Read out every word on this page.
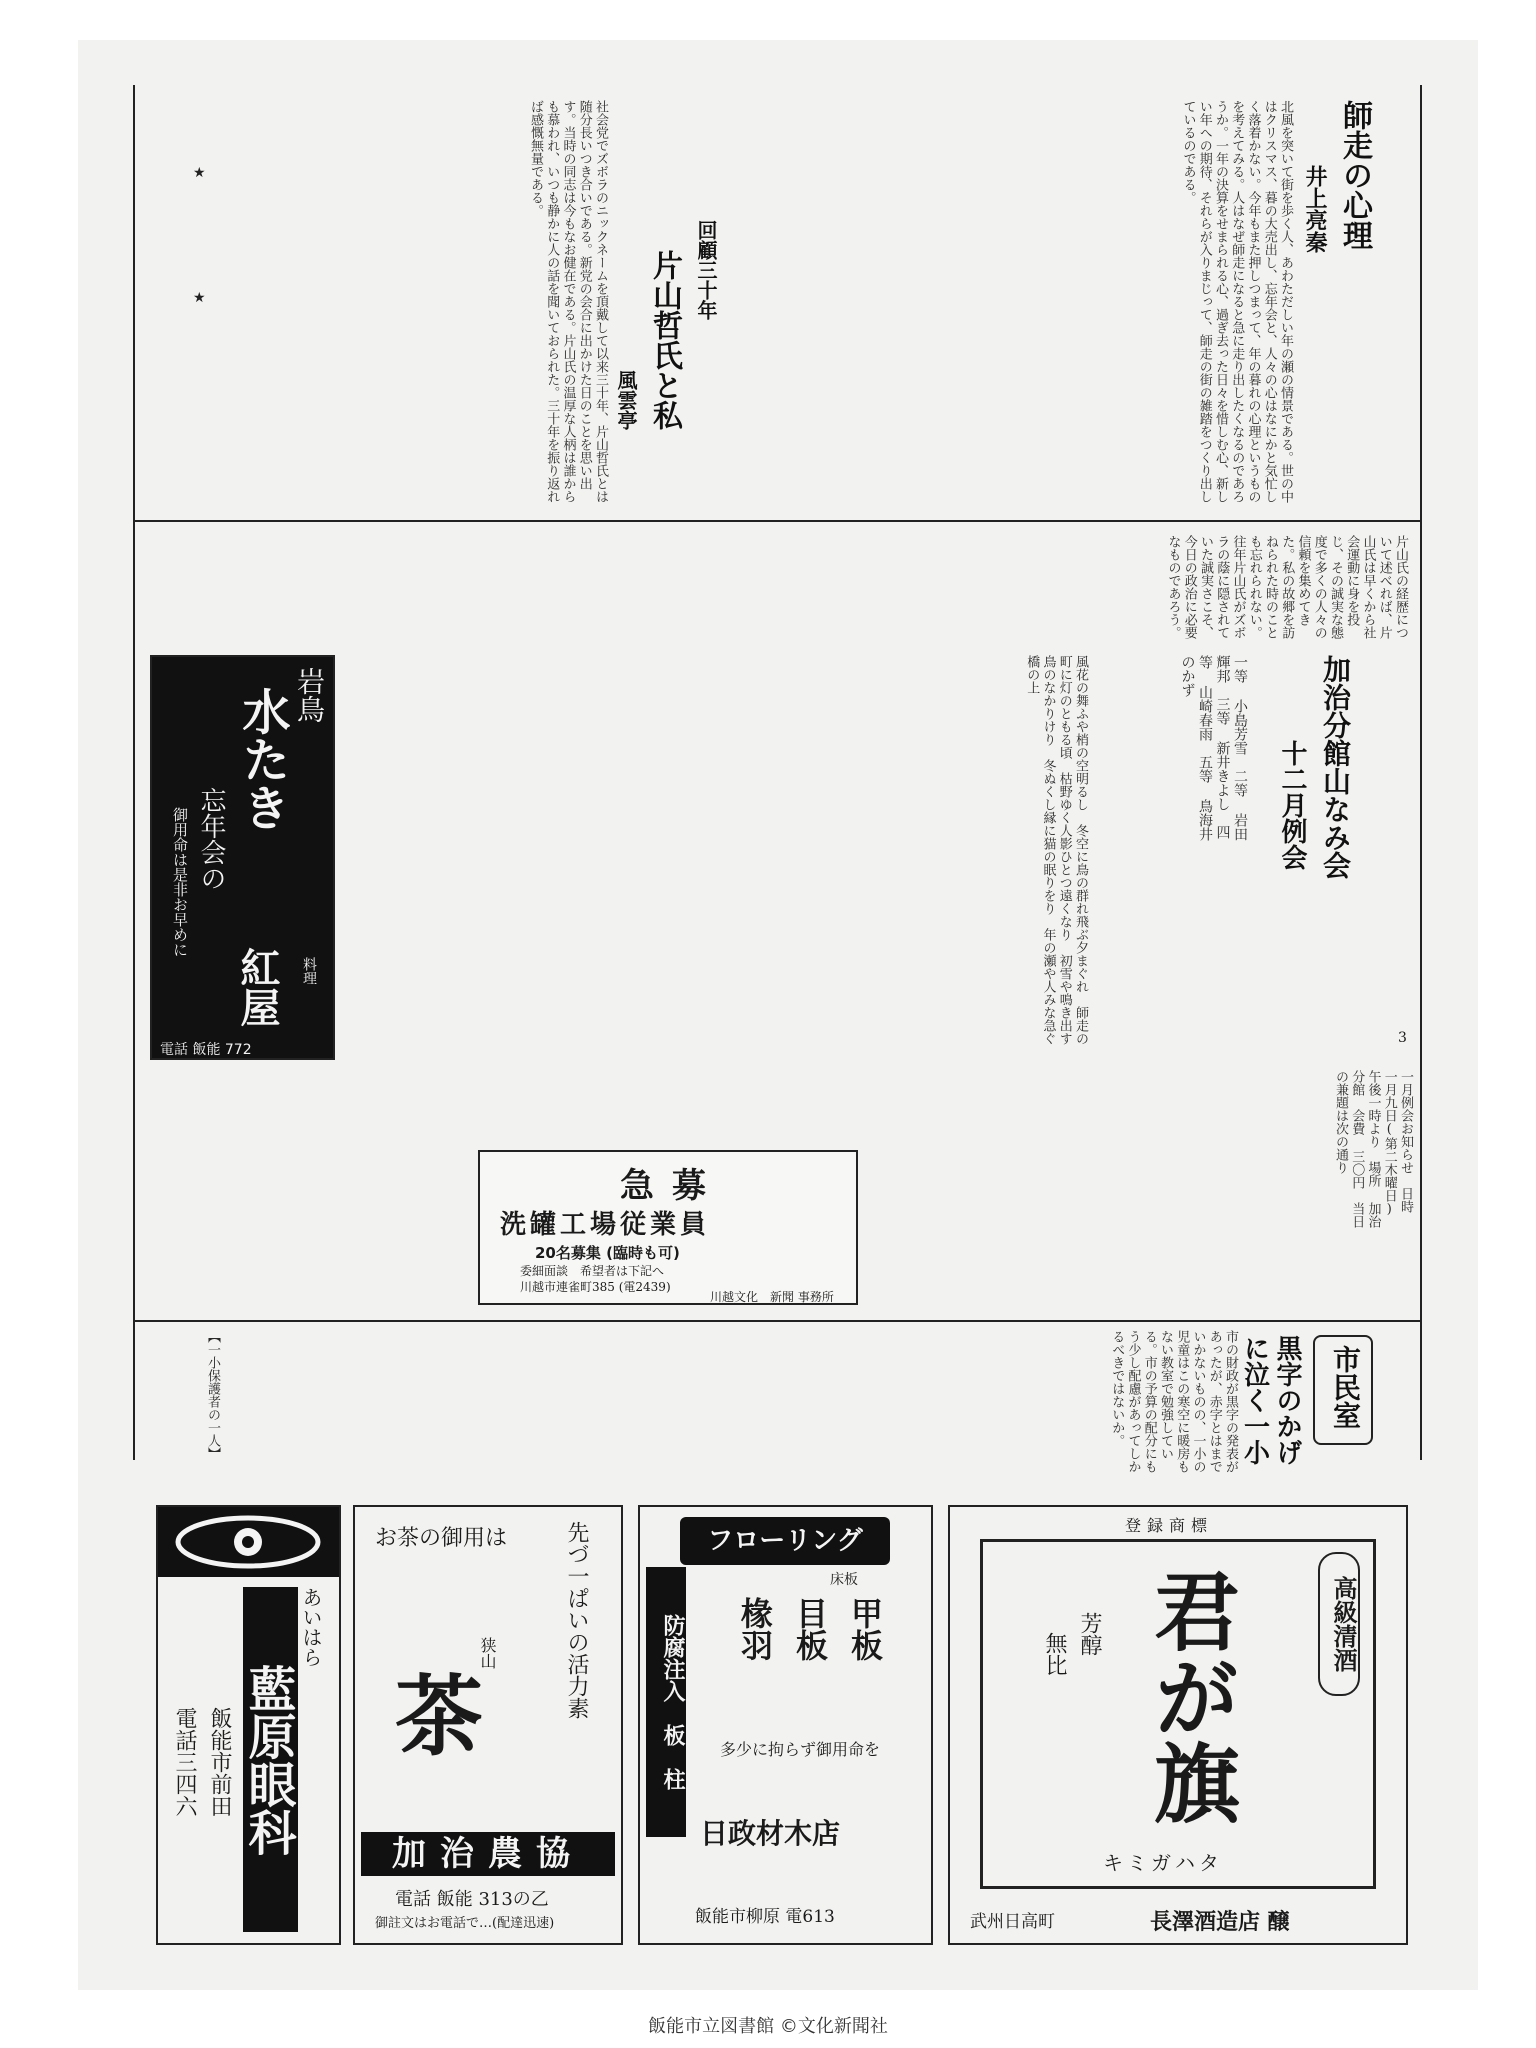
3
師走の心理
井上亮秦
北風を突いて街を歩く人、あわただしい年の瀬の情景である。世の中はクリスマス、暮の大売出し、忘年会と、人々の心はなにかと気忙しく落着かない。今年もまた押しつまって、年の暮れの心理というものを考えてみる。人はなぜ師走になると急に走り出したくなるのであろうか。一年の決算をせまられる心、過ぎ去った日々を惜しむ心、新しい年への期待、それらが入りまじって、師走の街の雑踏をつくり出しているのである。
回顧三十年
片山哲氏と私
風雲亭
社会党でズボラのニックネームを頂戴して以来三十年、片山哲氏とは随分長いつき合いである。新党の会合に出かけた日のことを思い出す。当時の同志は今もなお健在である。片山氏の温厚な人柄は誰からも慕われ、いつも静かに人の話を聞いておられた。三十年を振り返れば感慨無量である。
★
★
片山氏の経歴について述べれば、片山氏は早くから社会運動に身を投じ、その誠実な態度で多くの人々の信頼を集めてきた。私の故郷を訪ねられた時のことも忘れられない。往年片山氏がズボラの蔭に隠されていた誠実さこそ、今日の政治に必要なものであろう。
岩鳥
水たき
忘年会の
御用命は是非お早めに
料理
紅屋
電話 飯能 772
加治分館山なみ会
十二月例会
一等 小島芳雪　二等 岩田輝邦　三等 新井きよし　四等 山崎春雨　五等 鳥海井のかず
風花の舞ふや梢の空明るし　冬空に鳥の群れ飛ぶ夕まぐれ　師走の町に灯のともる頃　枯野ゆく人影ひとつ遠くなり　初雪や鳴き出す鳥のなかりけり　冬ぬくし縁に猫の眠りをり　年の瀬や人みな急ぐ橋の上
一月例会お知らせ　日時 一月九日(第二木曜日) 午後一時より　場所 加治分館　会費 三〇円　当日の兼題は次の通り
急募
洗罐工場従業員
20名募集 (臨時も可)
委細面談　希望者は下記へ
川越市連雀町385 (電2439)
川越文化　新聞 事務所
市民室
黒字のかげに泣く一小
市の財政が黒字の発表があったが、赤字とはまでいかないものの、一小の児童はこの寒空に暖房もない教室で勉強している。市の予算の配分にもう少し配慮があってしかるべきではないか。
【一小保護者の一人】
あいはら
藍原眼科
飯能市前田
電話三四六
お茶の御用は	先づ一ぱいの活力素
狭山
茶
加治農協
電話 飯能 313の乙
御註文はお電話で…(配達迅速)
フローリング
床板
防腐注入　板　柱
甲板
目板
椽羽
多少に拘らず御用命を
日政材木店
飯能市柳原 電613
登録商標
高級清酒
君が旗
芳醇
無比
キミガハタ
武州日高町	長澤酒造店 醸
飯能市立図書館 ©文化新聞社
